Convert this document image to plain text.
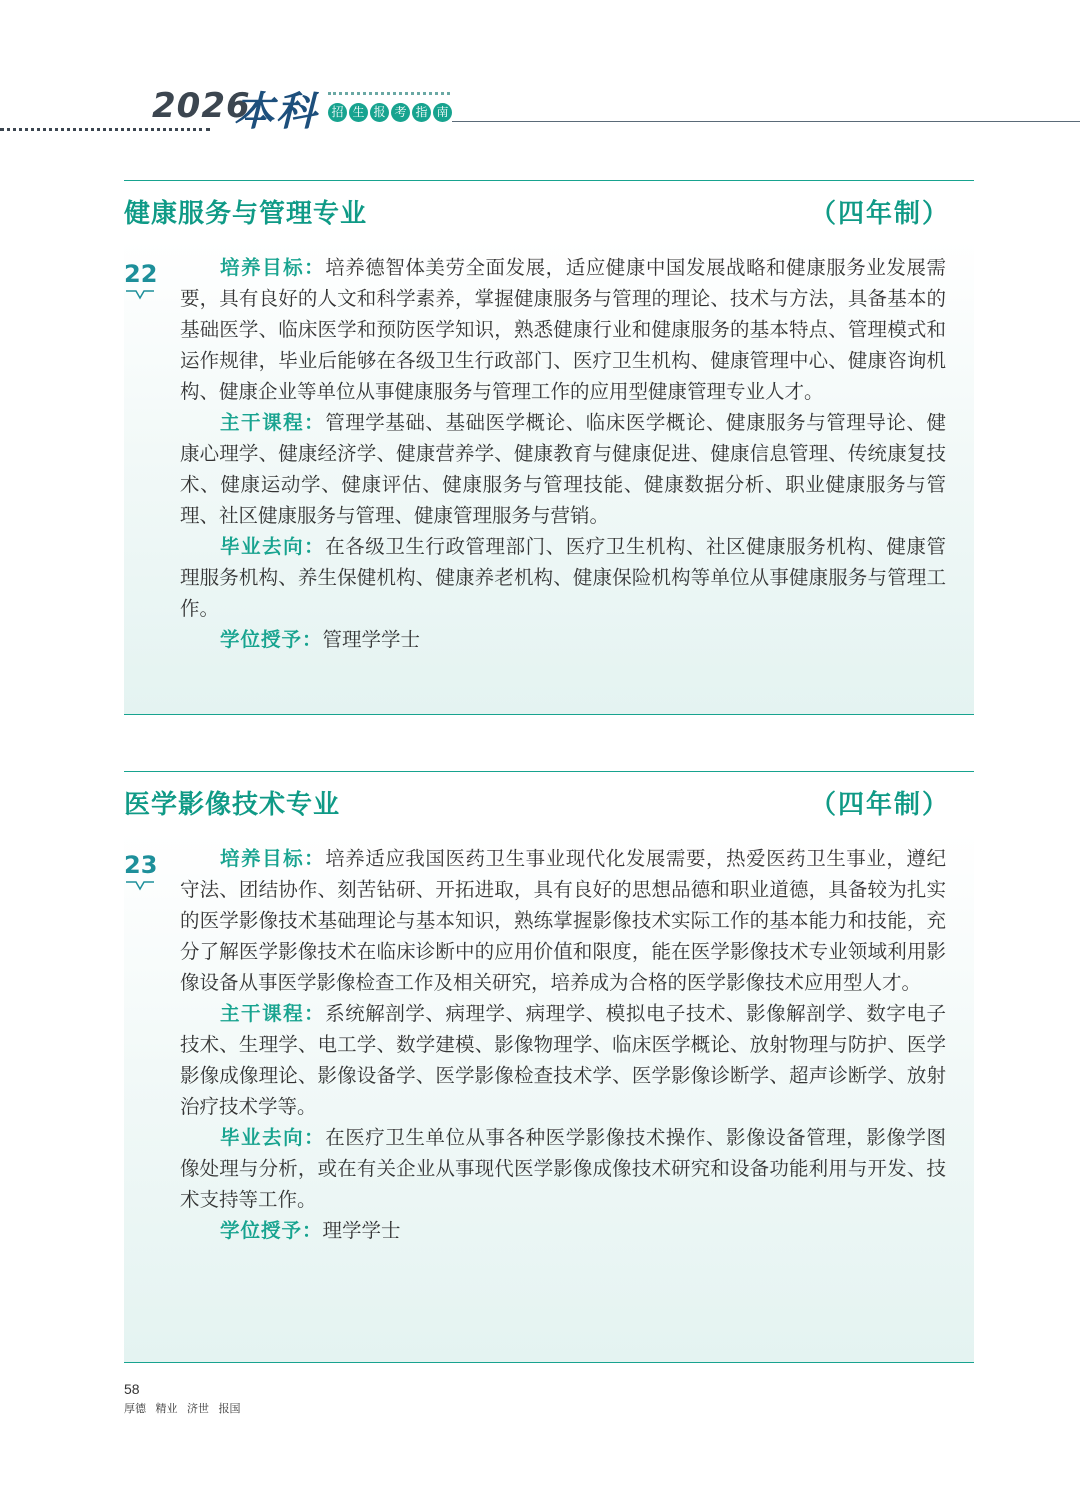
2026
本科 招 生 报 考 指 南
健康服务与管理专业	（四年制）
22	培养目标：培养德智体美劳全面发展，适应健康中国发展战略和健康服务业发展需要，具有良好的人文和科学素养，掌握健康服务与管理的理论、技术与方法，具备基本的基础医学、临床医学和预防医学知识，熟悉健康行业和健康服务的基本特点、管理模式和运作规律，毕业后能够在各级卫生行政部门、医疗卫生机构、健康管理中心、健康咨询机构、健康企业等单位从事健康服务与管理工作的应用型健康管理专业人才。

主干课程：管理学基础、基础医学概论、临床医学概论、健康服务与管理导论、健康心理学、健康经济学、健康营养学、健康教育与健康促进、健康信息管理、传统康复技术、健康运动学、健康评估、健康服务与管理技能、健康数据分析、职业健康服务与管理、社区健康服务与管理、健康管理服务与营销。

毕业去向：在各级卫生行政管理部门、医疗卫生机构、社区健康服务机构、健康管理服务机构、养生保健机构、健康养老机构、健康保险机构等单位从事健康服务与管理工作。

学位授予：管理学学士

医学影像技术专业	（四年制）
23	培养目标：培养适应我国医药卫生事业现代化发展需要，热爱医药卫生事业，遵纪守法、团结协作、刻苦钻研、开拓进取，具有良好的思想品德和职业道德，具备较为扎实的医学影像技术基础理论与基本知识，熟练掌握影像技术实际工作的基本能力和技能，充分了解医学影像技术在临床诊断中的应用价值和限度，能在医学影像技术专业领域利用影像设备从事医学影像检查工作及相关研究，培养成为合格的医学影像技术应用型人才。

主干课程：系统解剖学、病理学、病理学、模拟电子技术、影像解剖学、数字电子技术、生理学、电工学、数学建模、影像物理学、临床医学概论、放射物理与防护、医学影像成像理论、影像设备学、医学影像检查技术学、医学影像诊断学、超声诊断学、放射治疗技术学等。

毕业去向：在医疗卫生单位从事各种医学影像技术操作、影像设备管理，影像学图像处理与分析，或在有关企业从事现代医学影像成像技术研究和设备功能利用与开发、技术支持等工作。

学位授予：理学学士

58
厚德 精业 济世 报国
